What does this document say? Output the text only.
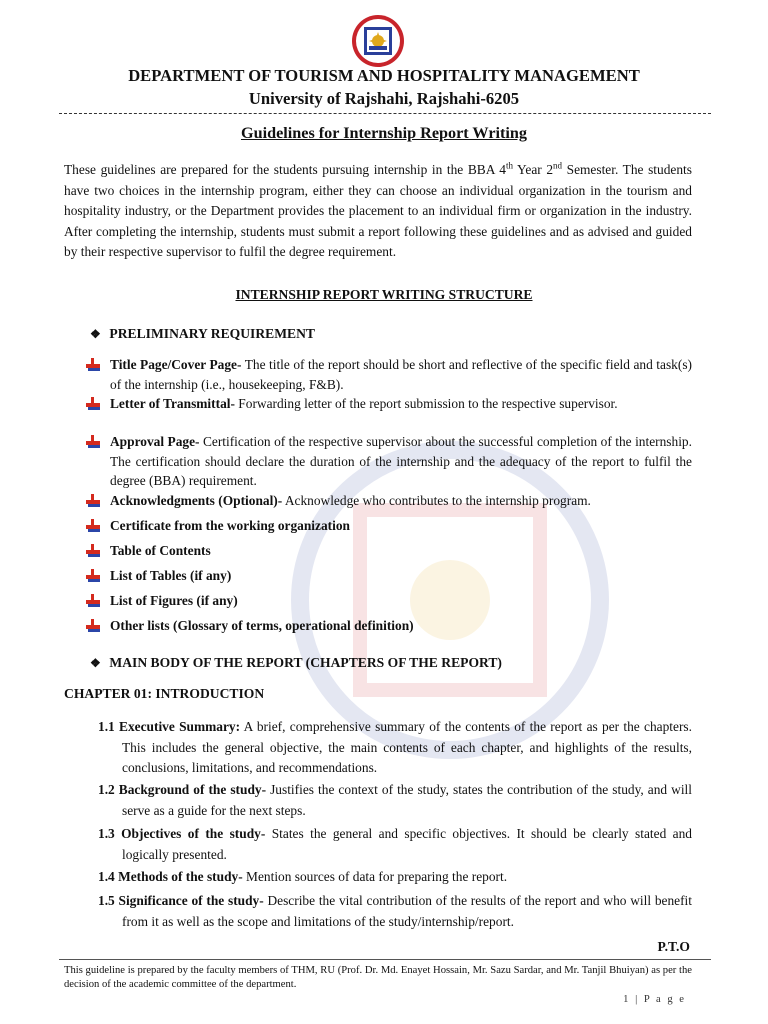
DEPARTMENT OF TOURISM AND HOSPITALITY MANAGEMENT
University of Rajshahi, Rajshahi-6205
Guidelines for Internship Report Writing

These guidelines are prepared for the students pursuing internship in the BBA 4th Year 2nd Semester. The students have two choices in the internship program, either they can choose an individual organization in the tourism and hospitality industry, or the Department provides the placement to an individual firm or organization in the industry. After completing the internship, students must submit a report following these guidelines and as advised and guided by their respective supervisor to fulfil the degree requirement.

INTERNSHIP REPORT WRITING STRUCTURE
❖ PRELIMINARY REQUIREMENT
Title Page/Cover Page- The title of the report should be short and reflective of the specific field and task(s) of the internship (i.e., housekeeping, F&B).
Letter of Transmittal- Forwarding letter of the report submission to the respective supervisor.
Approval Page- Certification of the respective supervisor about the successful completion of the internship. The certification should declare the duration of the internship and the adequacy of the report to fulfil the degree (BBA) requirement.
Acknowledgments (Optional)- Acknowledge who contributes to the internship program.
Certificate from the working organization
Table of Contents
List of Tables (if any)
List of Figures (if any)
Other lists (Glossary of terms, operational definition)
❖ MAIN BODY OF THE REPORT (CHAPTERS OF THE REPORT)
CHAPTER 01: INTRODUCTION
1.1 Executive Summary: A brief, comprehensive summary of the contents of the report as per the chapters. This includes the general objective, the main contents of each chapter, and highlights of the results, conclusions, limitations, and recommendations.
1.2 Background of the study- Justifies the context of the study, states the contribution of the study, and will serve as a guide for the next steps.
1.3 Objectives of the study- States the general and specific objectives. It should be clearly stated and logically presented.
1.4 Methods of the study- Mention sources of data for preparing the report.
1.5 Significance of the study- Describe the vital contribution of the results of the report and who will benefit from it as well as the scope and limitations of the study/internship/report.
P.T.O
This guideline is prepared by the faculty members of THM, RU (Prof. Dr. Md. Enayet Hossain, Mr. Sazu Sardar, and Mr. Tanjil Bhuiyan) as per the decision of the academic committee of the department.
1 | P a g e
